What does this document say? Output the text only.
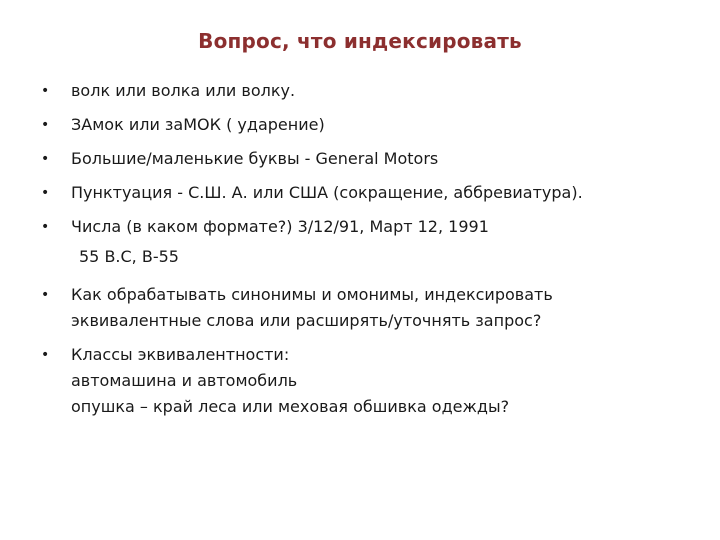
Вопрос, что индексировать
• волк или волка или волку.
• ЗАмок или заМОК ( ударение)
• Большие/маленькие буквы - General Motors
• Пунктуация - С.Ш. А. или США (сокращение, аббревиатура).
• Числа (в каком формате?) 3/12/91, Март 12, 1991
55 B.C, B-55
• Как обрабатывать синонимы и омонимы, индексировать
эквивалентные слова или расширять/уточнять запрос?
• Классы эквивалентности:
автомашина и автомобиль
опушка – край леса или меховая обшивка одежды?
